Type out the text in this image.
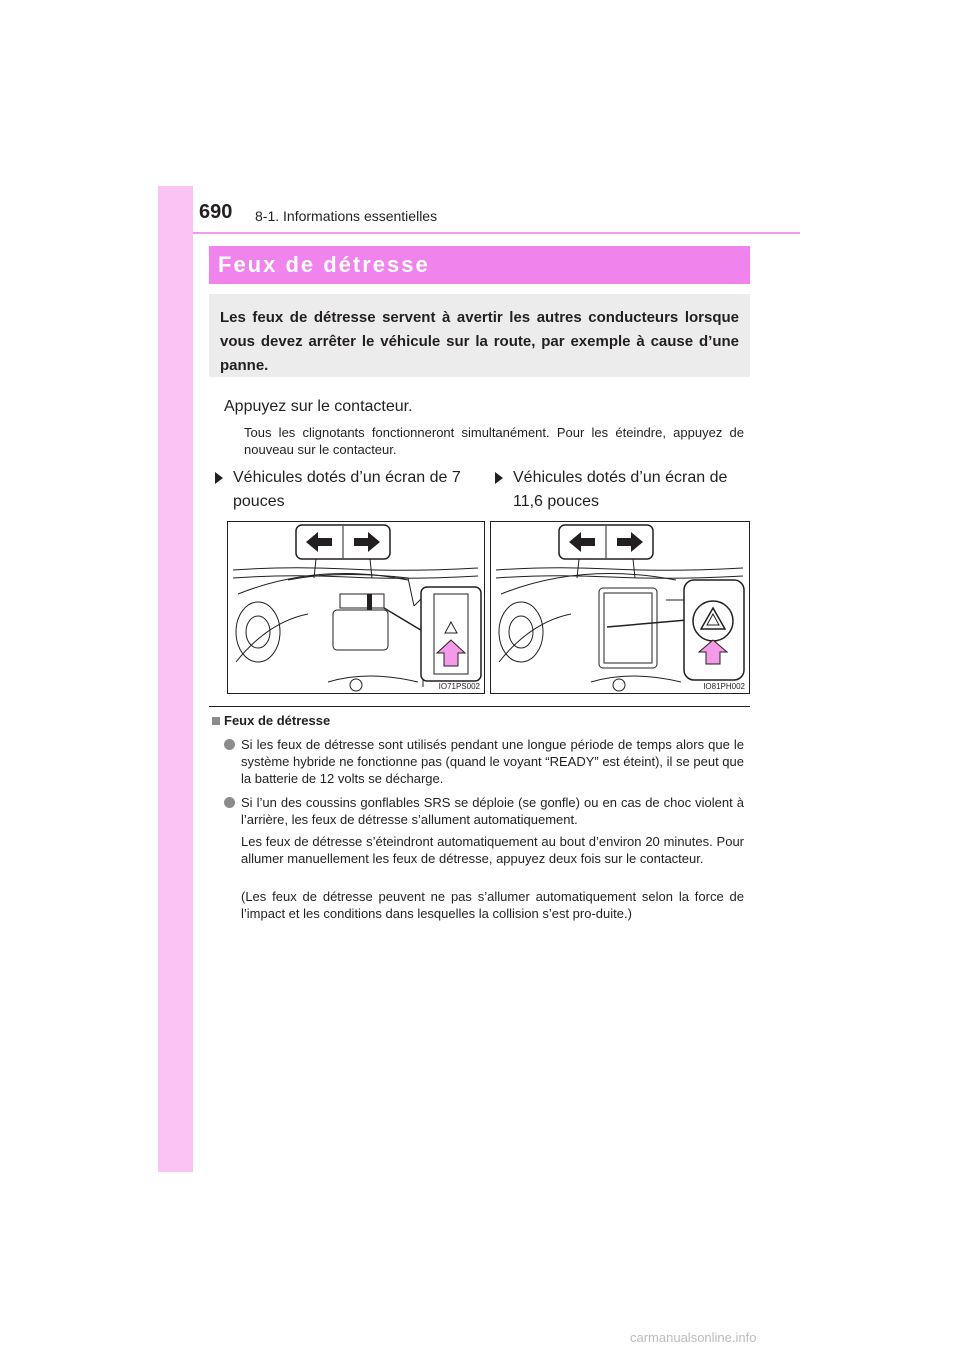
690 8-1. Informations essentielles
Feux de détresse
Les feux de détresse servent à avertir les autres conducteurs lorsque vous devez arrêter le véhicule sur la route, par exemple à cause d’une panne.
Appuyez sur le contacteur.
Tous les clignotants fonctionneront simultanément. Pour les éteindre, appuyez de nouveau sur le contacteur.
Véhicules dotés d’un écran de 7 pouces
Véhicules dotés d’un écran de 11,6 pouces
IO71PS002	IO81PH002
Feux de détresse
Si les feux de détresse sont utilisés pendant une longue période de temps alors que le système hybride ne fonctionne pas (quand le voyant “READY” est éteint), il se peut que la batterie de 12 volts se décharge.
Si l’un des coussins gonflables SRS se déploie (se gonfle) ou en cas de choc violent à l’arrière, les feux de détresse s’allument automatiquement.
Les feux de détresse s’éteindront automatiquement au bout d’environ 20 minutes. Pour allumer manuellement les feux de détresse, appuyez deux fois sur le contacteur.
(Les feux de détresse peuvent ne pas s’allumer automatiquement selon la force de l’impact et les conditions dans lesquelles la collision s’est pro-duite.)
carmanualsonline.info
